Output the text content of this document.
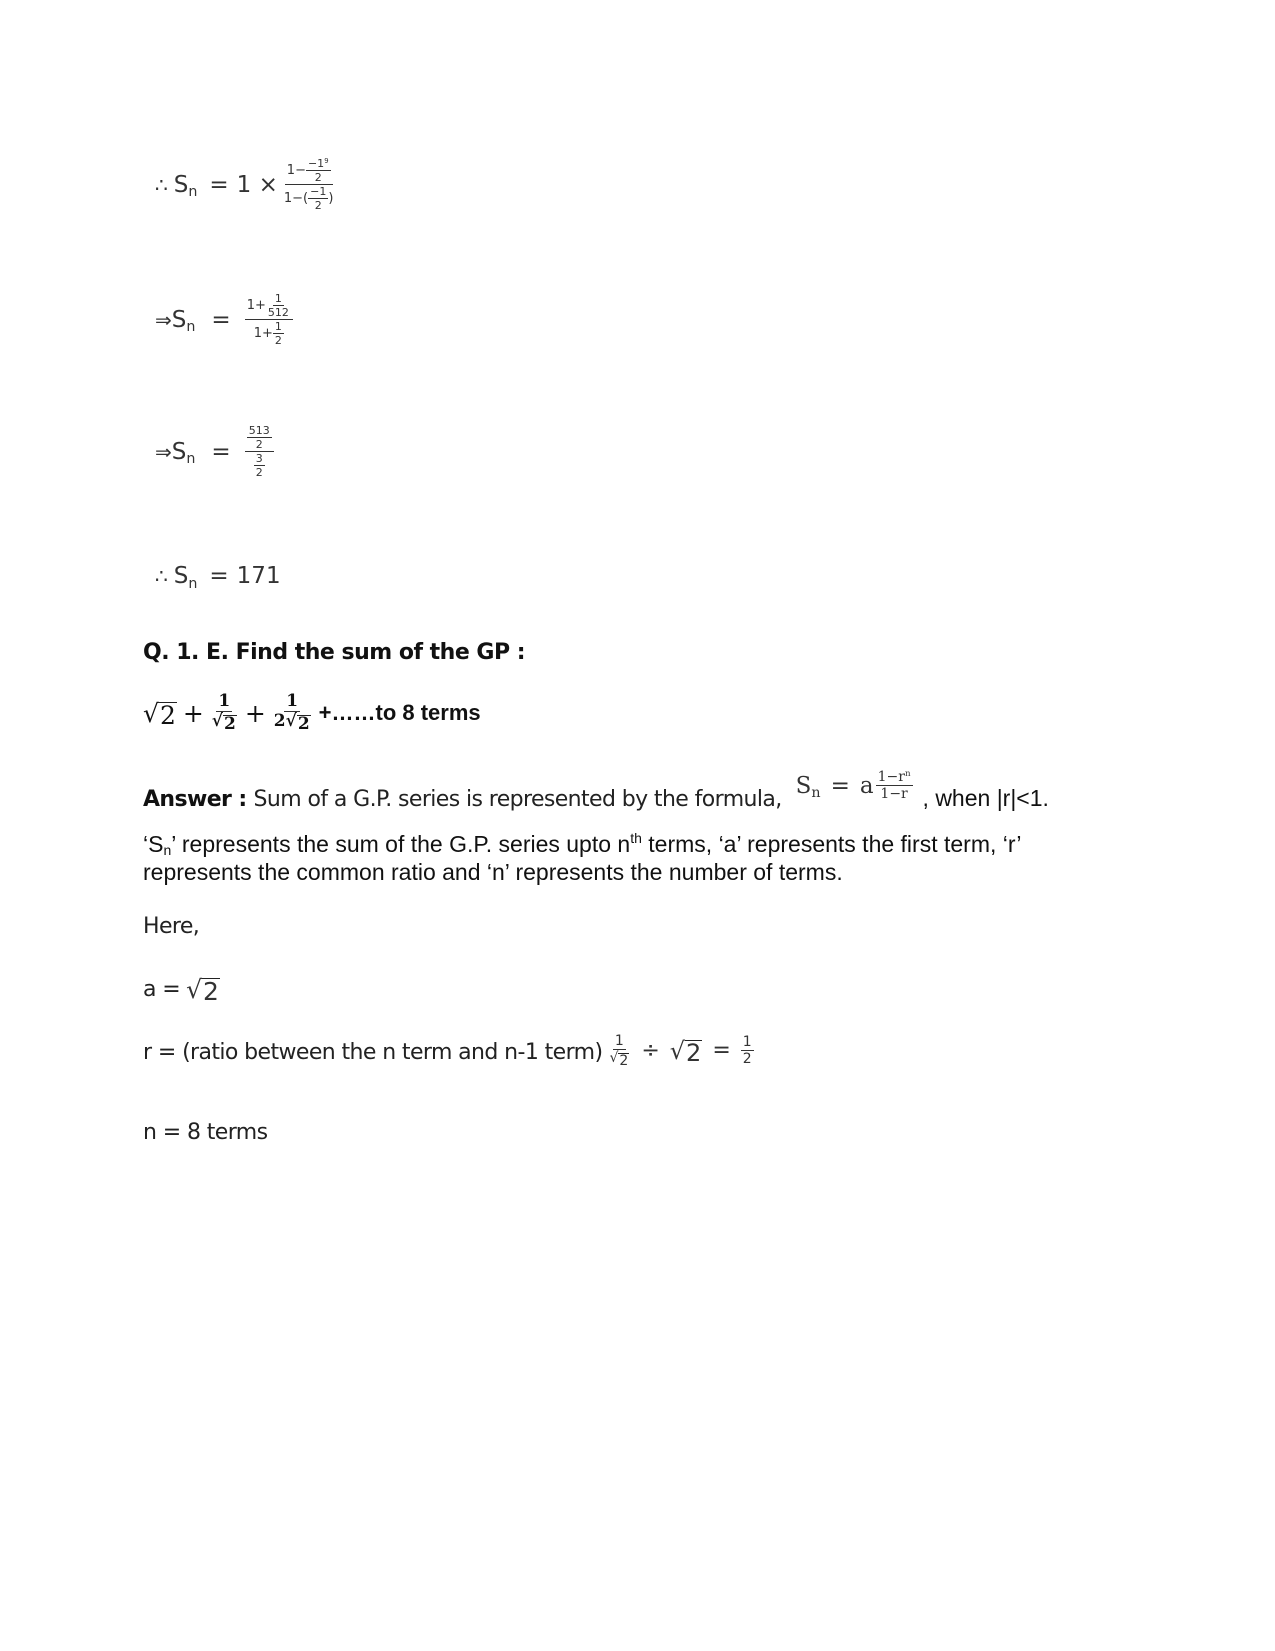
∴ $S_n = 1 \times \frac{1- \frac{-1^9}{2}}{1-( \frac{-1}{2} )}$
⇒ $S_n = \frac{1+ \frac{1}{512}}{1+ \frac{1}{2}}$
⇒ $S_n = \frac{\frac{513}{2}}{\frac{3}{2}}$
∴ $S_n = 171$
Q. 1. E. Find the sum of the GP :
√ $2 + \frac{1}{√ 2} + \frac{1}{2 √ 2}$ +……to 8 terms
Answer : Sum of a G.P. series is represented by the formula,
$S_n = a \frac{1-r^n}{1-r}$ , when |r|<1.
‘Sn’ represents the sum of the G.P. series upto $n^{th}$ terms, ‘a’ represents the first term, ‘r’
represents the common ratio and ‘n’ represents the number of terms.
Here,
a = √ 2
r = (ratio between the n term and n-1 term) $\frac{1}{√ 2}$ ÷ √ $2 = \frac{1}{2}$
n = 8 terms
